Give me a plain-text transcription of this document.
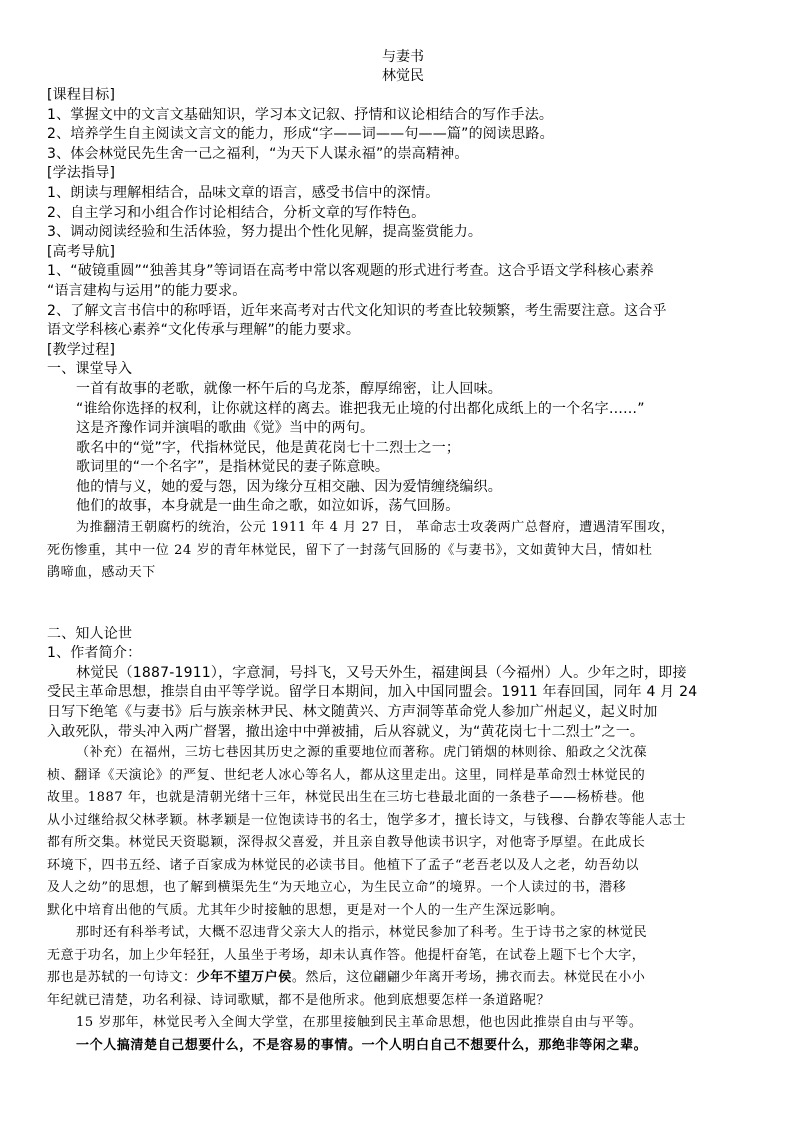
与妻书
林觉民
[课程目标]
1、掌握文中的文言文基础知识，学习本文记叙、抒情和议论相结合的写作手法。
2、培养学生自主阅读文言文的能力，形成“字——词——句——篇”的阅读思路。
3、体会林觉民先生舍一己之福利，“为天下人谋永福”的崇高精神。
[学法指导]
1、朗读与理解相结合，品味文章的语言，感受书信中的深情。
2、自主学习和小组合作讨论相结合，分析文章的写作特色。
3、调动阅读经验和生活体验，努力提出个性化见解，提高鉴赏能力。
[高考导航]
1、“破镜重圆”“独善其身”等词语在高考中常以客观题的形式进行考查。这合乎语文学科核心素养
“语言建构与运用”的能力要求。
2、了解文言书信中的称呼语，近年来高考对古代文化知识的考查比较频繁，考生需要注意。这合乎
语文学科核心素养“文化传承与理解”的能力要求。
[教学过程]
一、课堂导入
一首有故事的老歌，就像一杯午后的乌龙茶，醇厚绵密，让人回味。
“谁给你选择的权利，让你就这样的离去。谁把我无止境的付出都化成纸上的一个名字……”
这是齐豫作词并演唱的歌曲《觉》当中的两句。
歌名中的“觉”字，代指林觉民，他是黄花岗七十二烈士之一；
歌词里的“一个名字”，是指林觉民的妻子陈意映。
他的情与义，她的爱与怨，因为缘分互相交融、因为爱情缠绕编织。
他们的故事，本身就是一曲生命之歌，如泣如诉，荡气回肠。
为推翻清王朝腐朽的统治，公元 1911 年 4 月 27 日， 革命志士攻袭两广总督府，遭遇清军围攻，
死伤惨重，其中一位 24 岁的青年林觉民，留下了一封荡气回肠的《与妻书》，文如黄钟大吕，情如杜
鹃啼血，感动天下
二、知人论世
1、作者简介：
林觉民（1887-1911），字意洞，号抖飞，又号天外生，福建闽县（今福州）人。少年之时，即接
受民主革命思想，推崇自由平等学说。留学日本期间，加入中国同盟会。1911 年春回国，同年 4 月 24
日写下绝笔《与妻书》后与族亲林尹民、林文随黄兴、方声洞等革命党人参加广州起义，起义时加
入敢死队，带头冲入两广督署，撤出途中中弹被捕，后从容就义，为“黄花岗七十二烈士”之一。
（补充）在福州，三坊七巷因其历史之源的重要地位而著称。虎门销烟的林则徐、船政之父沈葆
桢、翻译《天演论》的严复、世纪老人冰心等名人，都从这里走出。这里，同样是革命烈士林觉民的
故里。1887 年，也就是清朝光绪十三年，林觉民出生在三坊七巷最北面的一条巷子——杨桥巷。他
从小过继给叔父林孝颖。林孝颖是一位饱读诗书的名士，饱学多才，擅长诗文，与钱穆、台静农等能人志士
都有所交集。林觉民天资聪颖，深得叔父喜爱，并且亲自教导他读书识字，对他寄予厚望。在此成长
环境下，四书五经、诸子百家成为林觉民的必读书目。他植下了孟子“老吾老以及人之老，幼吾幼以
及人之幼”的思想，也了解到横渠先生“为天地立心，为生民立命”的境界。一个人读过的书，潜移
默化中培育出他的气质。尤其年少时接触的思想，更是对一个人的一生产生深远影响。
那时还有科举考试，大概不忍违背父亲大人的指示，林觉民参加了科考。生于诗书之家的林觉民
无意于功名，加上少年轻狂，人虽坐于考场，却未认真作答。他提杆奋笔，在试卷上题下七个大字，
那也是苏轼的一句诗文：少年不望万户侯。然后，这位翩翩少年离开考场，拂衣而去。林觉民在小小
年纪就已清楚，功名利禄、诗词歌赋，都不是他所求。他到底想要怎样一条道路呢？
15 岁那年，林觉民考入全闽大学堂，在那里接触到民主革命思想，他也因此推崇自由与平等。
一个人搞清楚自己想要什么，不是容易的事情。一个人明白自己不想要什么，那绝非等闲之辈。
